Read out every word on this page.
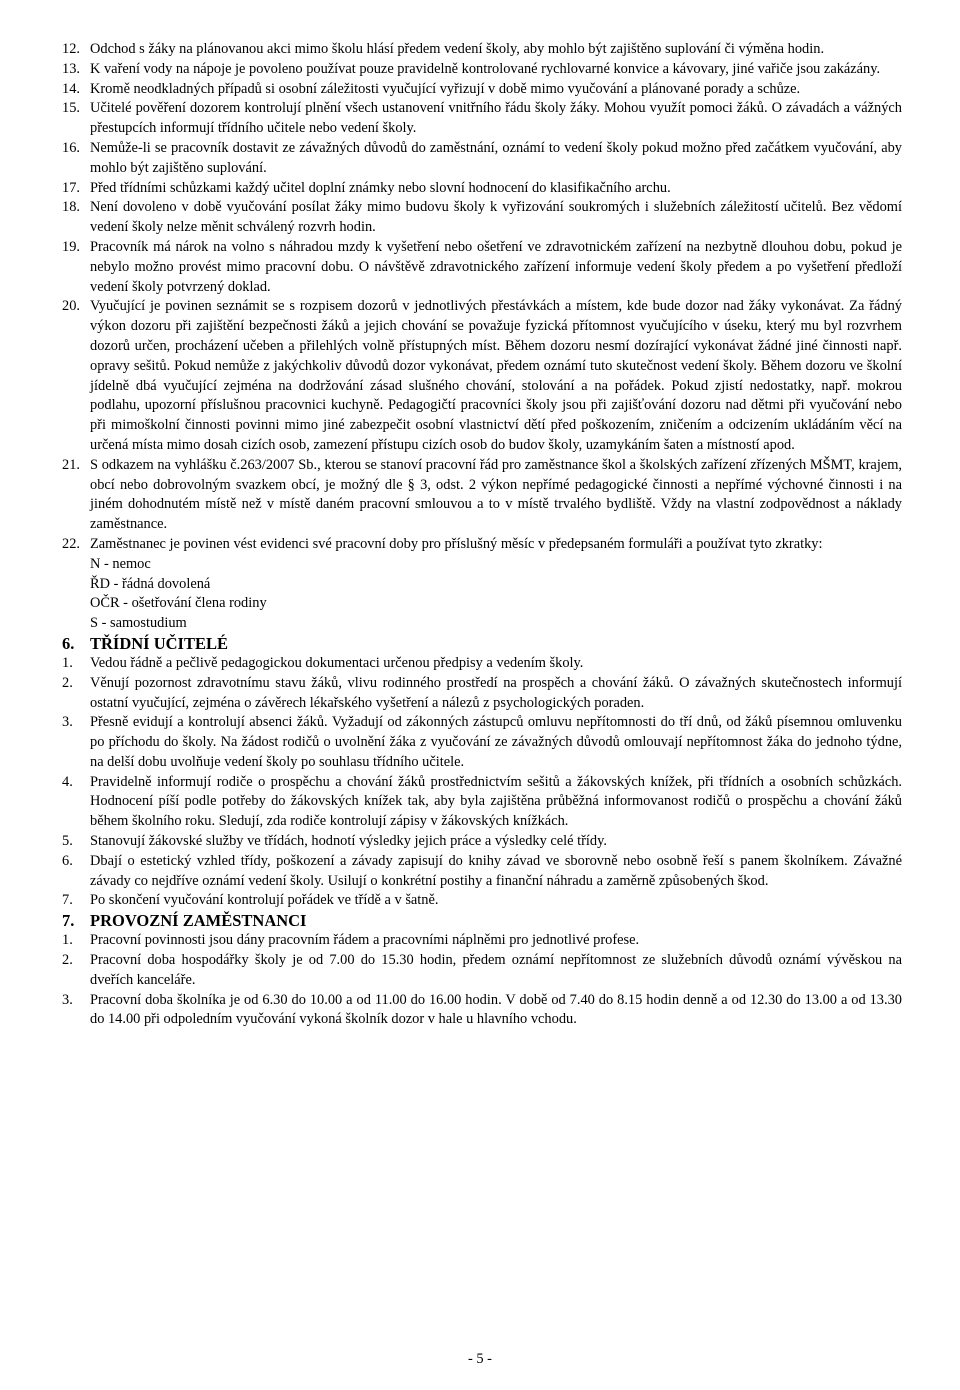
12. Odchod s žáky na plánovanou akci mimo školu hlásí předem vedení školy, aby mohlo být zajištěno suplování či výměna hodin.
13. K vaření vody na nápoje je povoleno používat pouze pravidelně kontrolované rychlovarné konvice a kávovary, jiné vařiče jsou zakázány.
14. Kromě neodkladných případů si osobní záležitosti vyučující vyřizují v době mimo vyučování a plánované porady a schůze.
15. Učitelé pověření dozorem kontrolují plnění všech ustanovení vnitřního řádu školy žáky. Mohou využít pomoci žáků. O závadách a vážných přestupcích informují třídního učitele nebo vedení školy.
16. Nemůže-li se pracovník dostavit ze závažných důvodů do zaměstnání, oznámí to vedení školy pokud možno před začátkem vyučování, aby mohlo být zajištěno suplování.
17. Před třídními schůzkami každý učitel doplní známky nebo slovní hodnocení do klasifikačního archu.
18. Není dovoleno v době vyučování posílat žáky mimo budovu školy k vyřizování soukromých i služebních záležitostí učitelů. Bez vědomí vedení školy nelze měnit schválený rozvrh hodin.
19. Pracovník má nárok na volno s náhradou mzdy k vyšetření nebo ošetření ve zdravotnickém zařízení na nezbytně dlouhou dobu, pokud je nebylo možno provést mimo pracovní dobu. O návštěvě zdravotnického zařízení informuje vedení školy předem a po vyšetření předloží vedení školy potvrzený doklad.
20. Vyučující je povinen seznámit se s rozpisem dozorů v jednotlivých přestávkách a místem, kde bude dozor nad žáky vykonávat. Za řádný výkon dozoru při zajištění bezpečnosti žáků a jejich chování se považuje fyzická přítomnost vyučujícího v úseku, který mu byl rozvrhem dozorů určen, procházení učeben a přilehlých volně přístupných míst. Během dozoru nesmí dozírající vykonávat žádné jiné činnosti např. opravy sešitů. Pokud nemůže z jakýchkoliv důvodů dozor vykonávat, předem oznámí tuto skutečnost vedení školy. Během dozoru ve školní jídelně dbá vyučující zejména na dodržování zásad slušného chování, stolování a na pořádek. Pokud zjistí nedostatky, např. mokrou podlahu, upozorní příslušnou pracovnici kuchyně. Pedagogičtí pracovníci školy jsou při zajišťování dozoru nad dětmi při vyučování nebo při mimoškolní činnosti povinni mimo jiné zabezpečit osobní vlastnictví dětí před poškozením, zničením a odcizením ukládáním věcí na určená místa mimo dosah cizích osob, zamezení přístupu cizích osob do budov školy, uzamykáním šaten a místností apod.
21. S odkazem na vyhlášku č.263/2007 Sb., kterou se stanoví pracovní řád pro zaměstnance škol a školských zařízení zřízených MŠMT, krajem, obcí nebo dobrovolným svazkem obcí, je možný dle § 3, odst. 2 výkon nepřímé pedagogické činnosti a nepřímé výchovné činnosti i na jiném dohodnutém místě než v místě daném pracovní smlouvou a to v místě trvalého bydliště. Vždy na vlastní zodpovědnost a náklady zaměstnance.
22. Zaměstnanec je povinen vést evidenci své pracovní doby pro příslušný měsíc v předepsaném formuláři a používat tyto zkratky:
N - nemoc
ŘD - řádná dovolená
OČR - ošetřování člena rodiny
S - samostudium
6. TŘÍDNÍ UČITELÉ
1.	Vedou řádně a pečlivě pedagogickou dokumentaci určenou předpisy a vedením školy.
2.	Věnují pozornost zdravotnímu stavu žáků, vlivu rodinného prostředí na prospěch a chování žáků. O závažných skutečnostech informují ostatní vyučující, zejména o závěrech lékařského vyšetření a nálezů z psychologických poraden.
3.	Přesně evidují a kontrolují absenci žáků. Vyžadují od zákonných zástupců omluvu nepřítomnosti do tří dnů, od žáků písemnou omluvenku po příchodu do školy. Na žádost rodičů o uvolnění žáka z vyučování ze závažných důvodů omlouvají nepřítomnost žáka do jednoho týdne, na delší dobu uvolňuje vedení školy po souhlasu třídního učitele.
4.	Pravidelně informují rodiče o prospěchu a chování žáků prostřednictvím sešitů a žákovských knížek, při třídních a osobních schůzkách. Hodnocení píší podle potřeby do žákovských knížek tak, aby byla zajištěna průběžná informovanost rodičů o prospěchu a chování žáků během školního roku. Sledují, zda rodiče kontrolují zápisy v žákovských knížkách.
5.	Stanovují žákovské služby ve třídách, hodnotí výsledky jejich práce a výsledky celé třídy.
6.	Dbají o estetický vzhled třídy, poškození a závady zapisují do knihy závad ve sborovně nebo osobně řeší s panem školníkem. Závažné závady co nejdříve oznámí vedení školy. Usilují o konkrétní postihy a finanční náhradu a zaměrně způsobených škod.
7.	Po skončení vyučování kontrolují pořádek ve třídě a v šatně.
7. PROVOZNÍ ZAMĚSTNANCI
1.	Pracovní povinnosti jsou dány pracovním řádem a pracovními náplněmi pro jednotlivé profese.
2.	Pracovní doba hospodářky školy je od 7.00 do 15.30 hodin, předem oznámí nepřítomnost ze služebních důvodů oznámí vývěskou na dveřích kanceláře.
3.	Pracovní doba školníka je od 6.30 do 10.00 a od 11.00 do 16.00 hodin. V době od 7.40 do 8.15 hodin denně a od 12.30 do 13.00 a od 13.30 do 14.00 při odpoledním vyučování vykoná školník dozor v hale u hlavního vchodu.
- 5 -
